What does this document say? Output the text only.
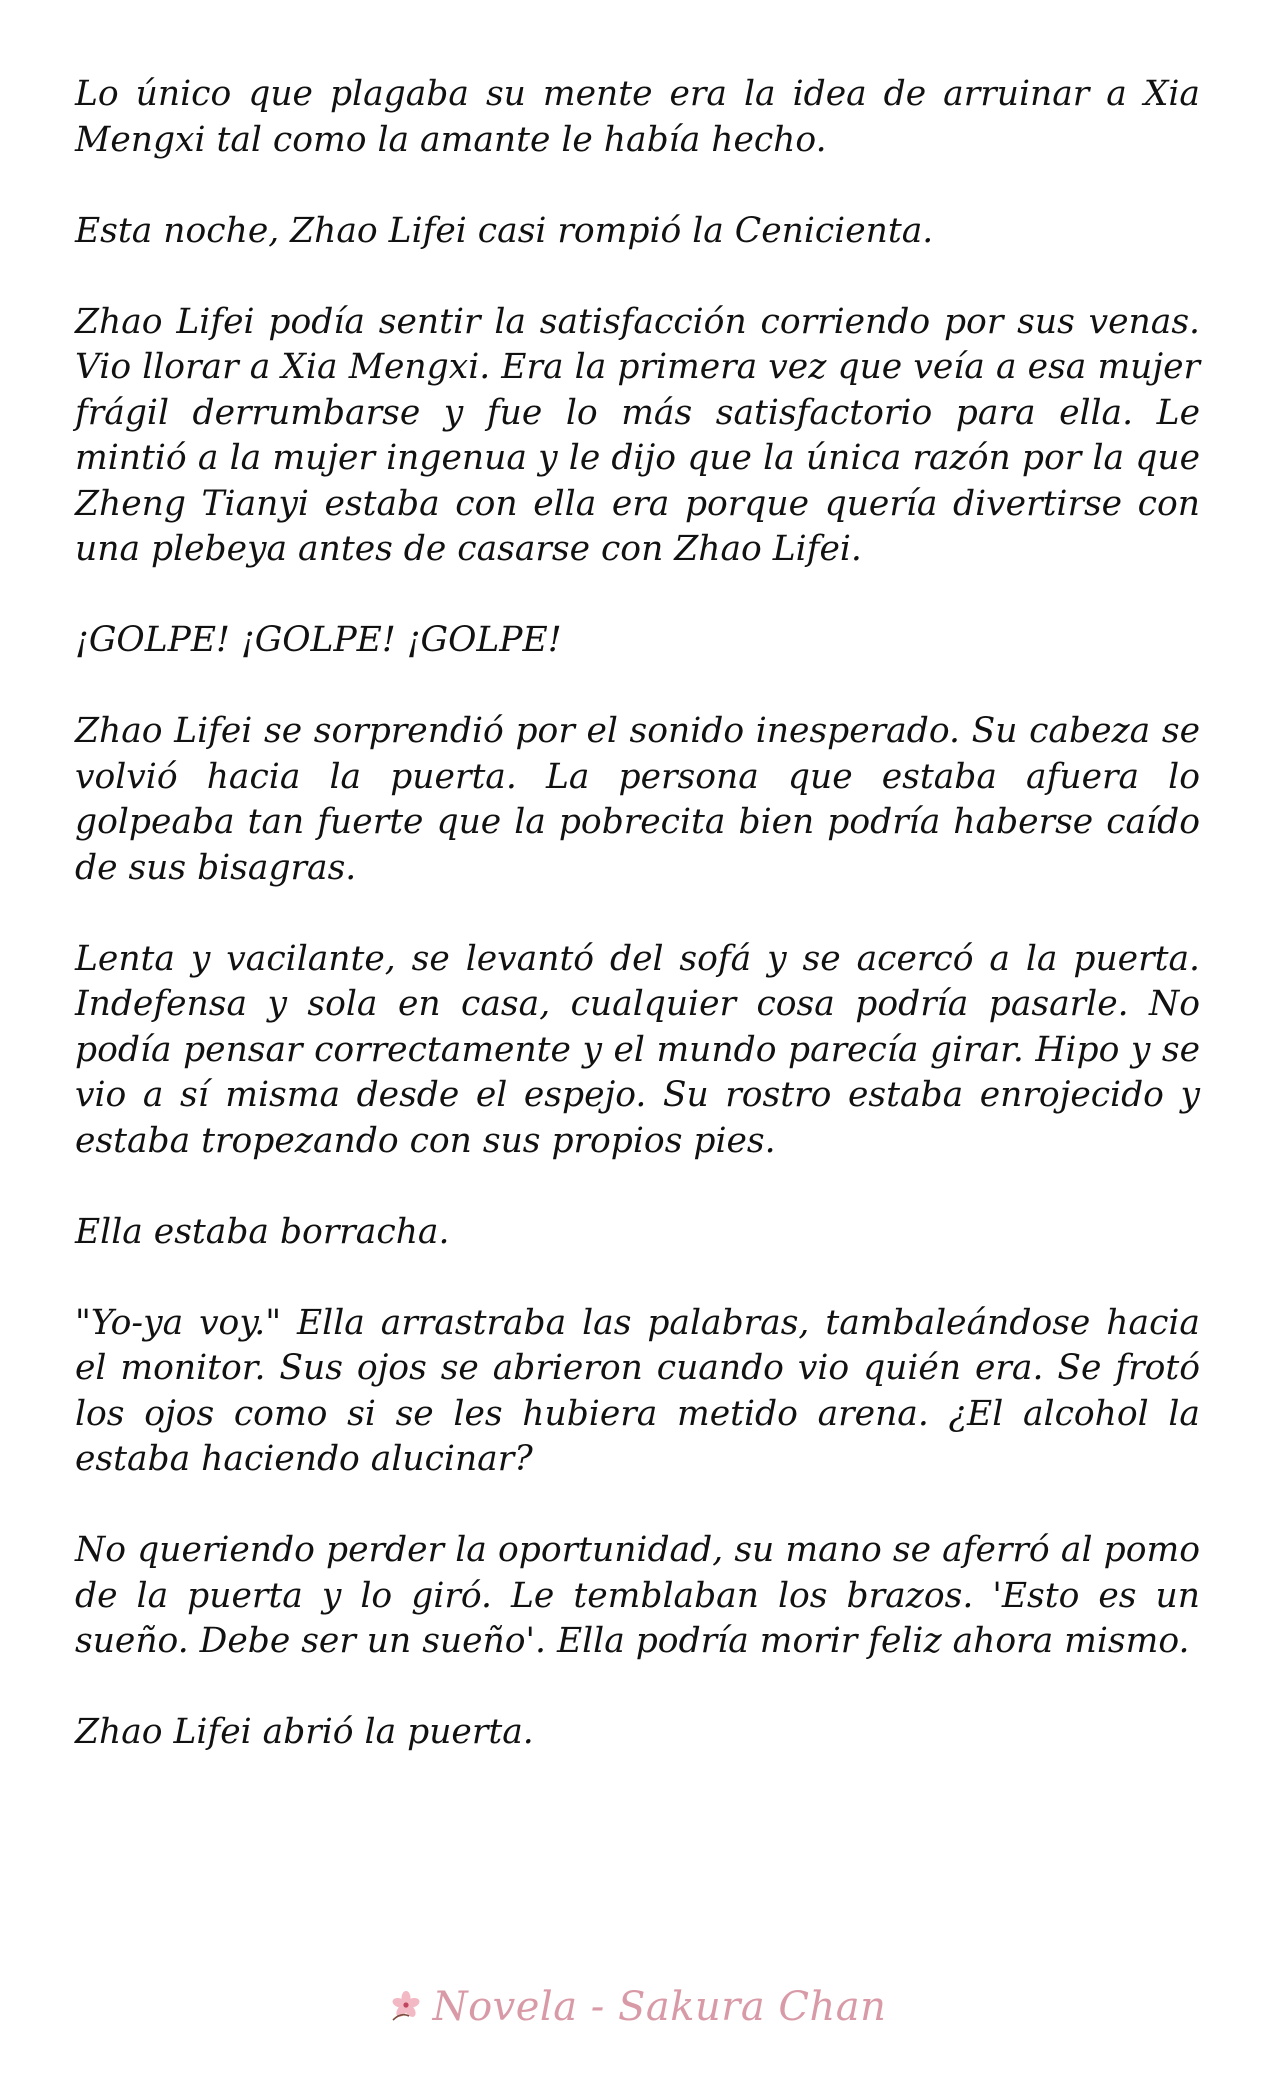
Lo único que plagaba su mente era la idea de arruinar a Xia Mengxi tal como la amante le había hecho.

Esta noche, Zhao Lifei casi rompió la Cenicienta.

Zhao Lifei podía sentir la satisfacción corriendo por sus venas. Vio llorar a Xia Mengxi. Era la primera vez que veía a esa mujer frágil derrumbarse y fue lo más satisfactorio para ella. Le mintió a la mujer ingenua y le dijo que la única razón por la que Zheng Tianyi estaba con ella era porque quería divertirse con una plebeya antes de casarse con Zhao Lifei.

¡GOLPE! ¡GOLPE! ¡GOLPE!

Zhao Lifei se sorprendió por el sonido inesperado. Su cabeza se volvió hacia la puerta. La persona que estaba afuera lo golpeaba tan fuerte que la pobrecita bien podría haberse caído de sus bisagras.

Lenta y vacilante, se levantó del sofá y se acercó a la puerta. Indefensa y sola en casa, cualquier cosa podría pasarle. No podía pensar correctamente y el mundo parecía girar. Hipo y se vio a sí misma desde el espejo. Su rostro estaba enrojecido y estaba tropezando con sus propios pies.

Ella estaba borracha.

"Yo-ya voy." Ella arrastraba las palabras, tambaleándose hacia el monitor. Sus ojos se abrieron cuando vio quién era. Se frotó los ojos como si se les hubiera metido arena. ¿El alcohol la estaba haciendo alucinar?

No queriendo perder la oportunidad, su mano se aferró al pomo de la puerta y lo giró. Le temblaban los brazos. 'Esto es un sueño. Debe ser un sueño'. Ella podría morir feliz ahora mismo.

Zhao Lifei abrió la puerta.

Novela - Sakura Chan
